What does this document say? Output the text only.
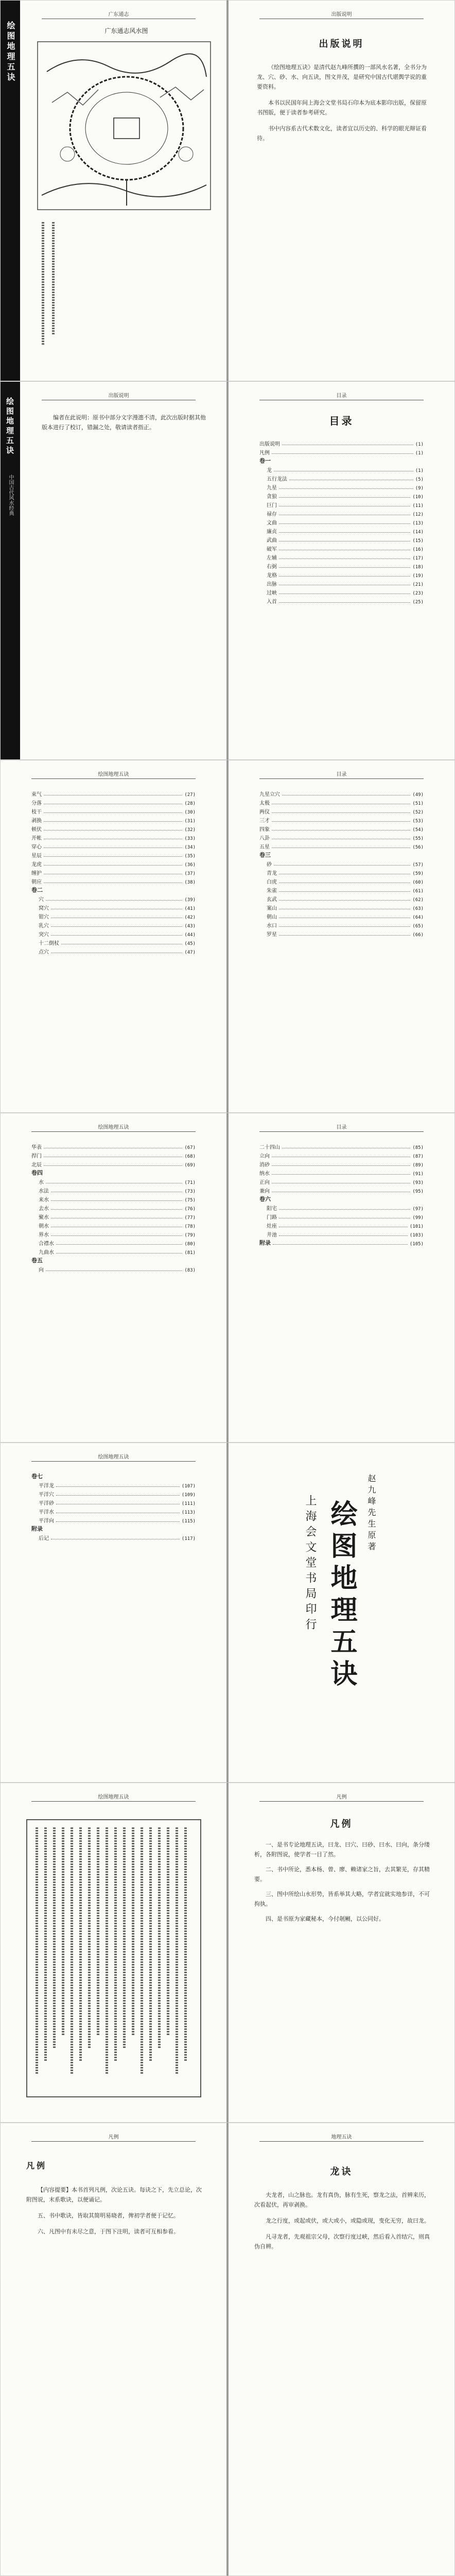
绘图地理五诀
广东通志
广东通志风水图
出版说明
出版说明

《绘图地理五诀》是清代赵九峰所撰的一部风水名著，全书分为龙、穴、砂、水、向五诀，图文并茂，是研究中国古代堪舆学说的重要资料。

本书以民国年间上海会文堂书局石印本为底本影印出版，保留原书图版，便于读者参考研究。

书中内容系古代术数文化，读者宜以历史的、科学的眼光辩证看待。

绘图地理五诀
中国古代风水经典
出版说明

编者在此说明：原书中部分文字漫漶不清，此次出版时据其他版本进行了校订，错漏之处，敬请读者指正。

目录
目录
出版说明	(1)
凡例	(1)
卷一
龙	(1)
五行龙法	(5)
九星	(9)
贪狼	(10)
巨门	(11)
禄存	(12)
文曲	(13)
廉贞	(14)
武曲	(15)
破军	(16)
左辅	(17)
右弼	(18)
龙格	(19)
出脉	(21)
过峡	(23)
入首	(25)
绘图地理五诀
束气	(27)
分落	(28)
枝干	(30)
剥换	(31)
顿伏	(32)
开帐	(33)
穿心	(34)
星辰	(35)
龙虎	(36)
缠护	(37)
朝应	(38)
卷二
穴	(39)
窝穴	(41)
钳穴	(42)
乳穴	(43)
突穴	(44)
十二倒杖	(45)
点穴	(47)
目录
九星立穴	(49)
太极	(51)
两仪	(52)
三才	(53)
四象	(54)
八卦	(55)
五星	(56)
卷三
砂	(57)
青龙	(59)
白虎	(60)
朱雀	(61)
玄武	(62)
案山	(63)
朝山	(64)
水口	(65)
罗星	(66)
绘图地理五诀
华表	(67)
捍门	(68)
北辰	(69)
卷四
水	(71)
水法	(73)
来水	(75)
去水	(76)
聚水	(77)
朝水	(78)
界水	(79)
合襟水	(80)
九曲水	(81)
卷五
向	(83)
目录
二十四山	(85)
立向	(87)
消砂	(89)
纳水	(91)
正向	(93)
兼向	(95)
卷六
阳宅	(97)
门路	(99)
灶座	(101)
井池	(103)
附录	(105)
绘图地理五诀
卷七
平洋龙	(107)
平洋穴	(109)
平洋砂	(111)
平洋水	(113)
平洋向	(115)
附录
后记	(117)	赵九峰先生原著
绘图地理五诀
上海会文堂书局印行
绘图地理五诀	凡例
凡例

一、是书专论地理五诀，曰龙、曰穴、曰砂、曰水、曰向，条分缕析，各附图说，使学者一目了然。

二、书中所论，悉本杨、曾、廖、赖诸家之旨，去其繁芜，存其精要。

三、图中所绘山水形势，皆系举其大略，学者宜就实地参详，不可拘执。

四、是书原为家藏秘本，今付剞劂，以公同好。

凡例
凡例

【内容提要】本书首列凡例，次论五诀。每诀之下，先立总论，次附图说，末系歌诀，以便诵记。

五、书中歌诀，皆取其简明易晓者，俾初学者便于记忆。

六、凡图中有未尽之意，于图下注明，读者可互相参看。

地理五诀
龙诀

夫龙者，山之脉也。龙有真伪，脉有生死，察龙之法，首辨来历，次看起伏，再审剥换。

龙之行度，或起或伏，或大或小，或隐或现，变化无穷，故曰龙。

凡寻龙者，先观祖宗父母，次察行度过峡，然后看入首结穴，则真伪自辨。
